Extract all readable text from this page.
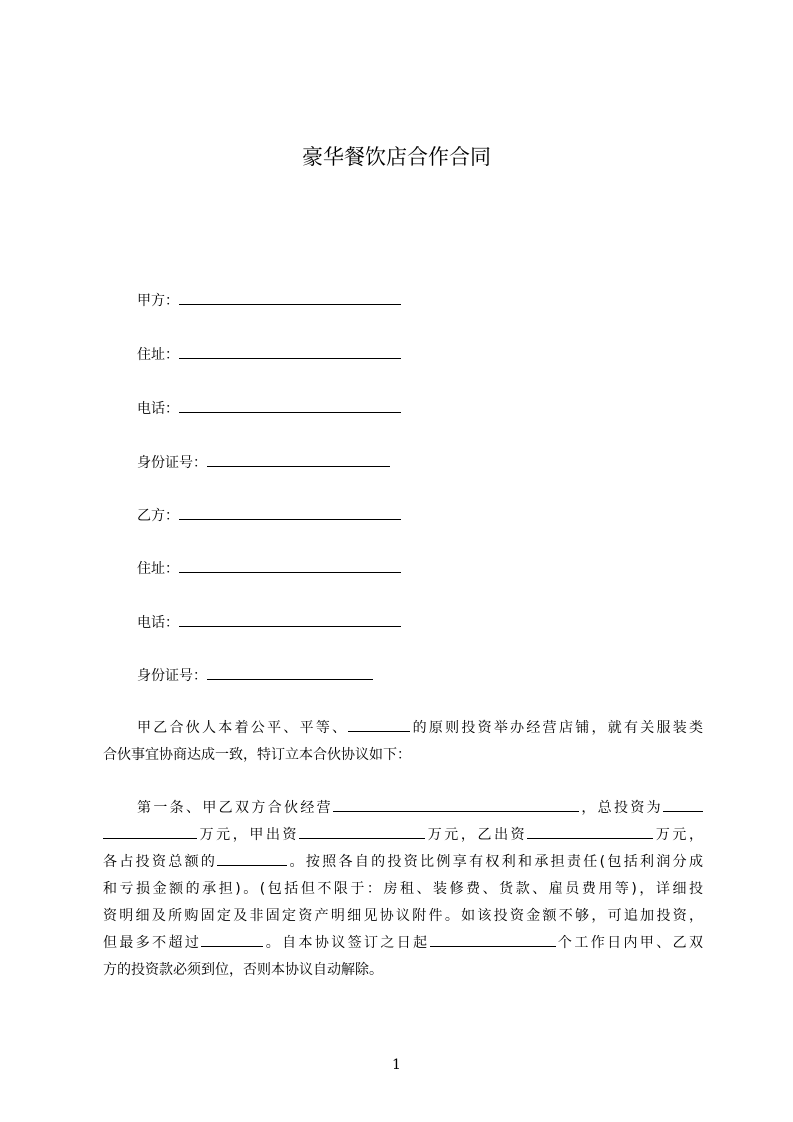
豪华餐饮店合作合同
甲方：
住址：
电话：
身份证号：
乙方：
住址：
电话：
身份证号：
甲乙合伙人本着公平、平等、	的原则投资举办经营店铺，就有关服装类
合伙事宜协商达成一致，特订立本合伙协议如下：
第一条、甲乙双方合伙经营	，总投资为
万元，甲出资	万元，乙出资	万元，
各占投资总额的	。按照各自的投资比例享有权利和承担责任(包括利润分成
和亏损金额的承担)。(包括但不限于：房租、装修费、货款、雇员费用等)，详细投
资明细及所购固定及非固定资产明细见协议附件。如该投资金额不够，可追加投资，
但最多不超过	。自本协议签订之日起	个工作日内甲、乙双
方的投资款必须到位，否则本协议自动解除。
1
